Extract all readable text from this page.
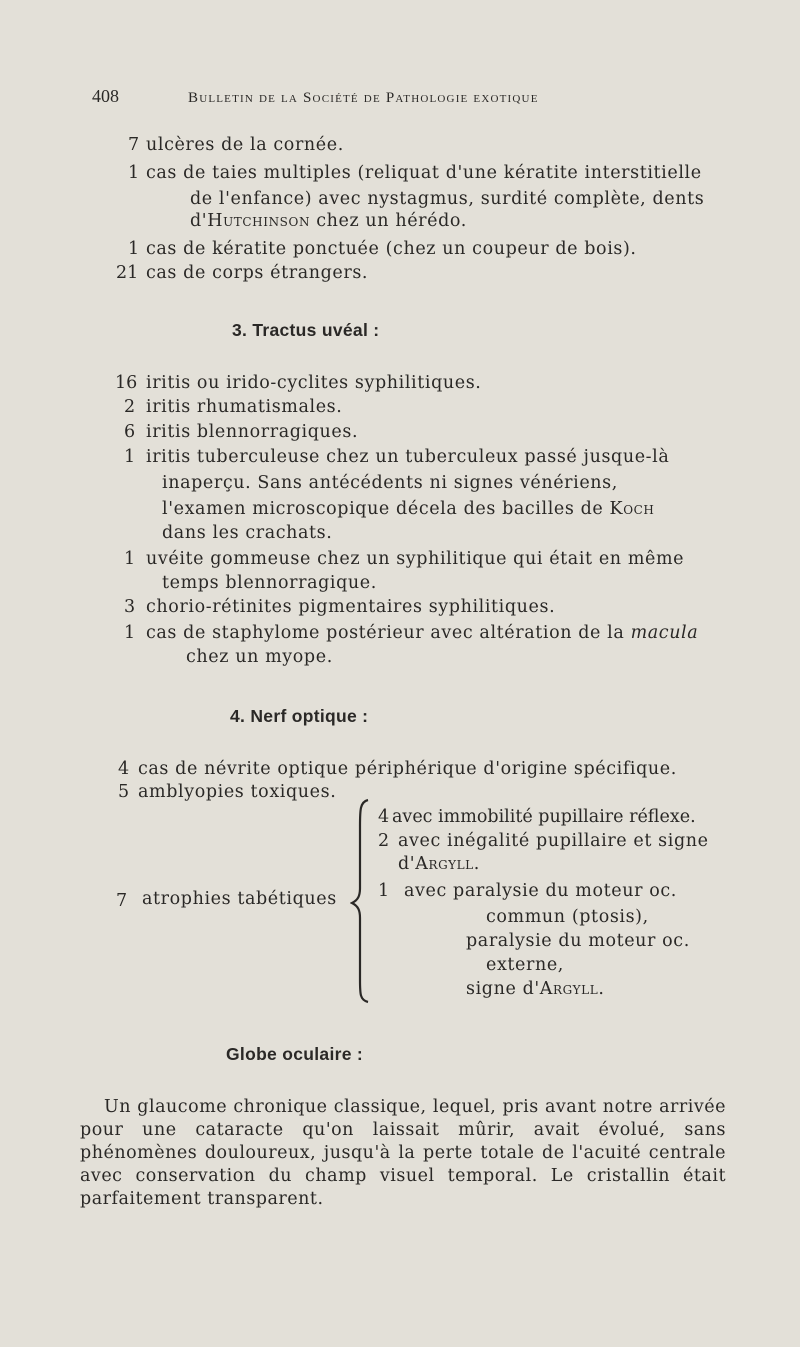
408	Bulletin de la Société de Pathologie exotique
7 ulcères de la cornée.
1 cas de taies multiples (reliquat d'une kératite interstitielle
de l'enfance) avec nystagmus, surdité complète, dents
d'Hutchinson chez un hérédo.
1 cas de kératite ponctuée (chez un coupeur de bois).
21 cas de corps étrangers.
3. Tractus uvéal :
16 iritis ou irido-cyclites syphilitiques.
2 iritis rhumatismales.
6 iritis blennorragiques.
1 iritis tuberculeuse chez un tuberculeux passé jusque-là
inaperçu. Sans antécédents ni signes vénériens,
l'examen microscopique décela des bacilles de Koch
dans les crachats.
1 uvéite gommeuse chez un syphilitique qui était en même
temps blennorragique.
3 chorio-rétinites pigmentaires syphilitiques.
1 cas de staphylome postérieur avec altération de la macula
chez un myope.
4. Nerf optique :
4 cas de névrite optique périphérique d'origine spécifique.
5 amblyopies toxiques.
7 atrophies tabétiques
4 avec immobilité pupillaire réflexe.
2 avec inégalité pupillaire et signe
d'Argyll.
1 avec paralysie du moteur oc.
commun (ptosis),
paralysie du moteur oc.
externe,
signe d'Argyll.
Globe oculaire :
Un glaucome chronique classique, lequel, pris avant notre arrivée pour une cataracte qu'on laissait mûrir, avait évolué, sans phénomènes douloureux, jusqu'à la perte totale de l'acuité centrale avec conservation du champ visuel temporal. Le cristallin était parfaitement transparent.
